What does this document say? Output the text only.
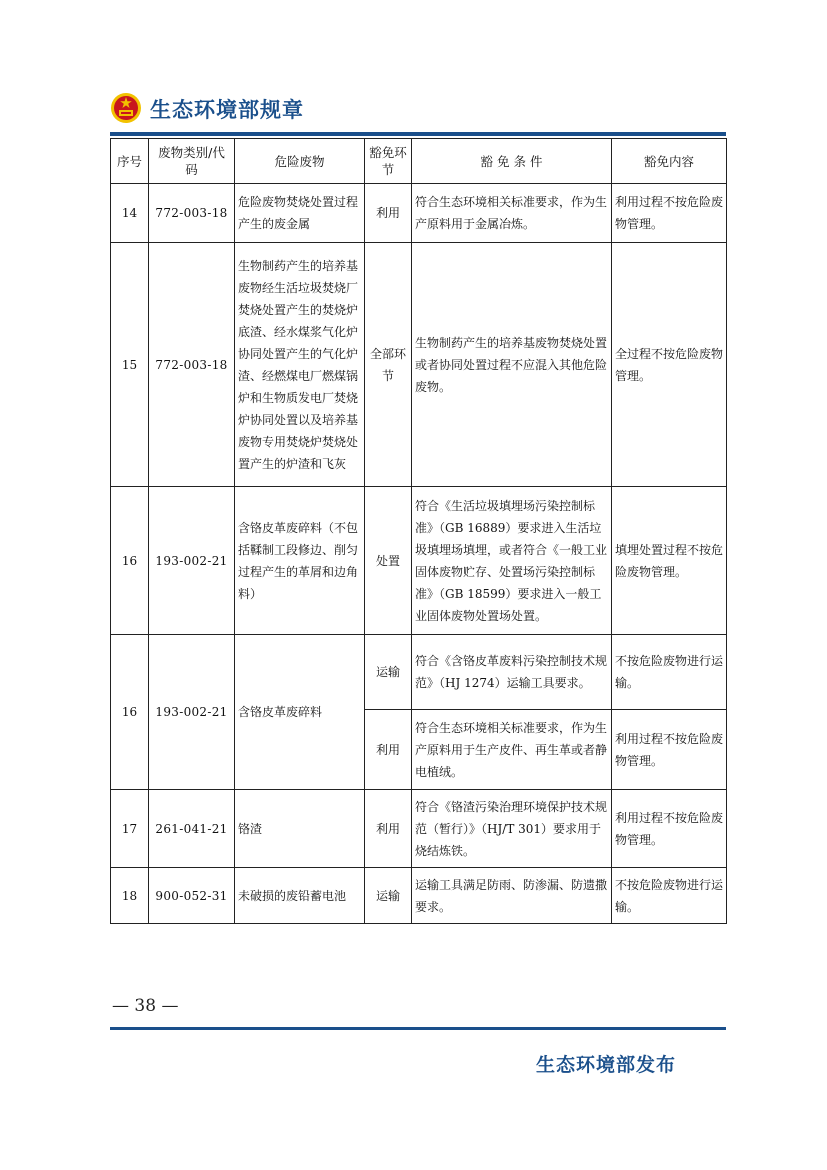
生态环境部规章
序号	废物类别/代码	危险废物	豁免环节	豁 免 条 件	豁免内容
14	772-003-18	危险废物焚烧处置过程产生的废金属	利用	符合生态环境相关标准要求，作为生产原料用于金属冶炼。	利用过程不按危险废物管理。
15	772-003-18	生物制药产生的培养基废物经生活垃圾焚烧厂焚烧处置产生的焚烧炉底渣、经水煤浆气化炉协同处置产生的气化炉渣、经燃煤电厂燃煤锅炉和生物质发电厂焚烧炉协同处置以及培养基废物专用焚烧炉焚烧处置产生的炉渣和飞灰	全部环节	生物制药产生的培养基废物焚烧处置或者协同处置过程不应混入其他危险废物。	全过程不按危险废物管理。
16	193-002-21	含铬皮革废碎料（不包括鞣制工段修边、削匀过程产生的革屑和边角料）	处置	符合《生活垃圾填埋场污染控制标准》（GB 16889）要求进入生活垃圾填埋场填埋，或者符合《一般工业固体废物贮存、处置场污染控制标准》（GB 18599）要求进入一般工业固体废物处置场处置。	填埋处置过程不按危险废物管理。
16	193-002-21	含铬皮革废碎料	运输	符合《含铬皮革废料污染控制技术规范》（HJ 1274）运输工具要求。	不按危险废物进行运输。
			利用	符合生态环境相关标准要求，作为生产原料用于生产皮件、再生革或者静电植绒。	利用过程不按危险废物管理。
17	261-041-21	铬渣	利用	符合《铬渣污染治理环境保护技术规范（暂行）》（HJ/T 301）要求用于烧结炼铁。	利用过程不按危险废物管理。
18	900-052-31	未破损的废铅蓄电池	运输	运输工具满足防雨、防渗漏、防遗撒要求。	不按危险废物进行运输。
— 38 —
生态环境部发布
